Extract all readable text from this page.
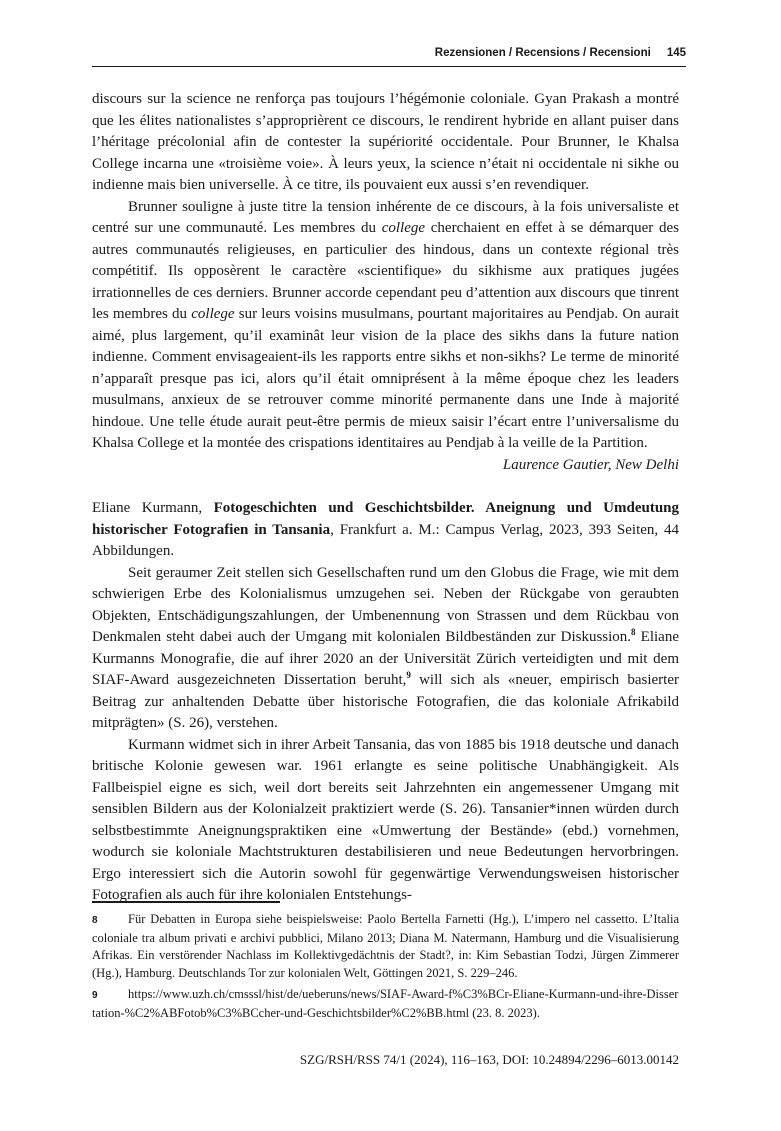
Rezensionen / Recensions / Recensioni 145

discours sur la science ne renforça pas toujours l’hégémonie coloniale. Gyan Prakash a montré que les élites nationalistes s’approprièrent ce discours, le rendirent hybride en allant puiser dans l’héritage précolonial afin de contester la supériorité occidentale. Pour Brunner, le Khalsa College incarna une «troisième voie». À leurs yeux, la science n’était ni occidentale ni sikhe ou indienne mais bien universelle. À ce titre, ils pouvaient eux aussi s’en revendiquer.

Brunner souligne à juste titre la tension inhérente de ce discours, à la fois universaliste et centré sur une communauté. Les membres du college cherchaient en effet à se démarquer des autres communautés religieuses, en particulier des hindous, dans un contexte régional très compétitif. Ils opposèrent le caractère «scientifique» du sikhisme aux pratiques jugées irrationnelles de ces derniers. Brunner accorde cependant peu d’attention aux discours que tinrent les membres du college sur leurs voisins musulmans, pourtant majoritaires au Pendjab. On aurait aimé, plus largement, qu’il examinât leur vision de la place des sikhs dans la future nation indienne. Comment envisageaient-ils les rapports entre sikhs et non-sikhs? Le terme de minorité n’apparaît presque pas ici, alors qu’il était omniprésent à la même époque chez les leaders musulmans, anxieux de se retrouver comme minorité permanente dans une Inde à majorité hindoue. Une telle étude aurait peut-être permis de mieux saisir l’écart entre l’universalisme du Khalsa College et la montée des crispations identitaires au Pendjab à la veille de la Partition.

Laurence Gautier, New Delhi

Eliane Kurmann, Fotogeschichten und Geschichtsbilder. Aneignung und Umdeutung historischer Fotografien in Tansania, Frankfurt a. M.: Campus Verlag, 2023, 393 Seiten, 44 Abbildungen.

Seit geraumer Zeit stellen sich Gesellschaften rund um den Globus die Frage, wie mit dem schwierigen Erbe des Kolonialismus umzugehen sei. Neben der Rückgabe von geraubten Objekten, Entschädigungszahlungen, der Umbenennung von Strassen und dem Rückbau von Denkmalen steht dabei auch der Umgang mit kolonialen Bildbeständen zur Diskussion.$^8$ Eliane Kurmanns Monografie, die auf ihrer 2020 an der Universität Zürich verteidigten und mit dem SIAF-Award ausgezeichneten Dissertation beruht,$^9$ will sich als «neuer, empirisch basierter Beitrag zur anhaltenden Debatte über historische Fotografien, die das koloniale Afrikabild mitprägten» (S. 26), verstehen.

Kurmann widmet sich in ihrer Arbeit Tansania, das von 1885 bis 1918 deutsche und danach britische Kolonie gewesen war. 1961 erlangte es seine politische Unabhängigkeit. Als Fallbeispiel eigne es sich, weil dort bereits seit Jahrzehnten ein angemessener Umgang mit sensiblen Bildern aus der Kolonialzeit praktiziert werde (S. 26). Tansanier*innen würden durch selbstbestimmte Aneignungspraktiken eine «Umwertung der Bestände» (ebd.) vornehmen, wodurch sie koloniale Machtstrukturen destabilisieren und neue Bedeutungen hervorbringen. Ergo interessiert sich die Autorin sowohl für gegenwärtige Verwendungsweisen historischer Fotografien als auch für ihre kolonialen Entstehungs-

8 Für Debatten in Europa siehe beispielsweise: Paolo Bertella Farnetti (Hg.), L’impero nel cassetto. L’Italia coloniale tra album privati e archivi pubblici, Milano 2013; Diana M. Natermann, Hamburg und die Visualisierung Afrikas. Ein verstörender Nachlass im Kollektivgedächtnis der Stadt?, in: Kim Sebastian Todzi, Jürgen Zimmerer (Hg.), Hamburg. Deutschlands Tor zur kolonialen Welt, Göttingen 2021, S. 229–246.

9 https://www.uzh.ch/cmsssl/hist/de/ueberuns/news/SIAF-Award-f%C3%BCr-Eliane-Kurmann-und-ihre-Dissertation-%C2%ABFotob%C3%BCcher-und-Geschichtsbilder%C2%BB.html (23. 8. 2023).

SZG/RSH/RSS 74/1 (2024), 116–163, DOI: 10.24894/2296–6013.00142
